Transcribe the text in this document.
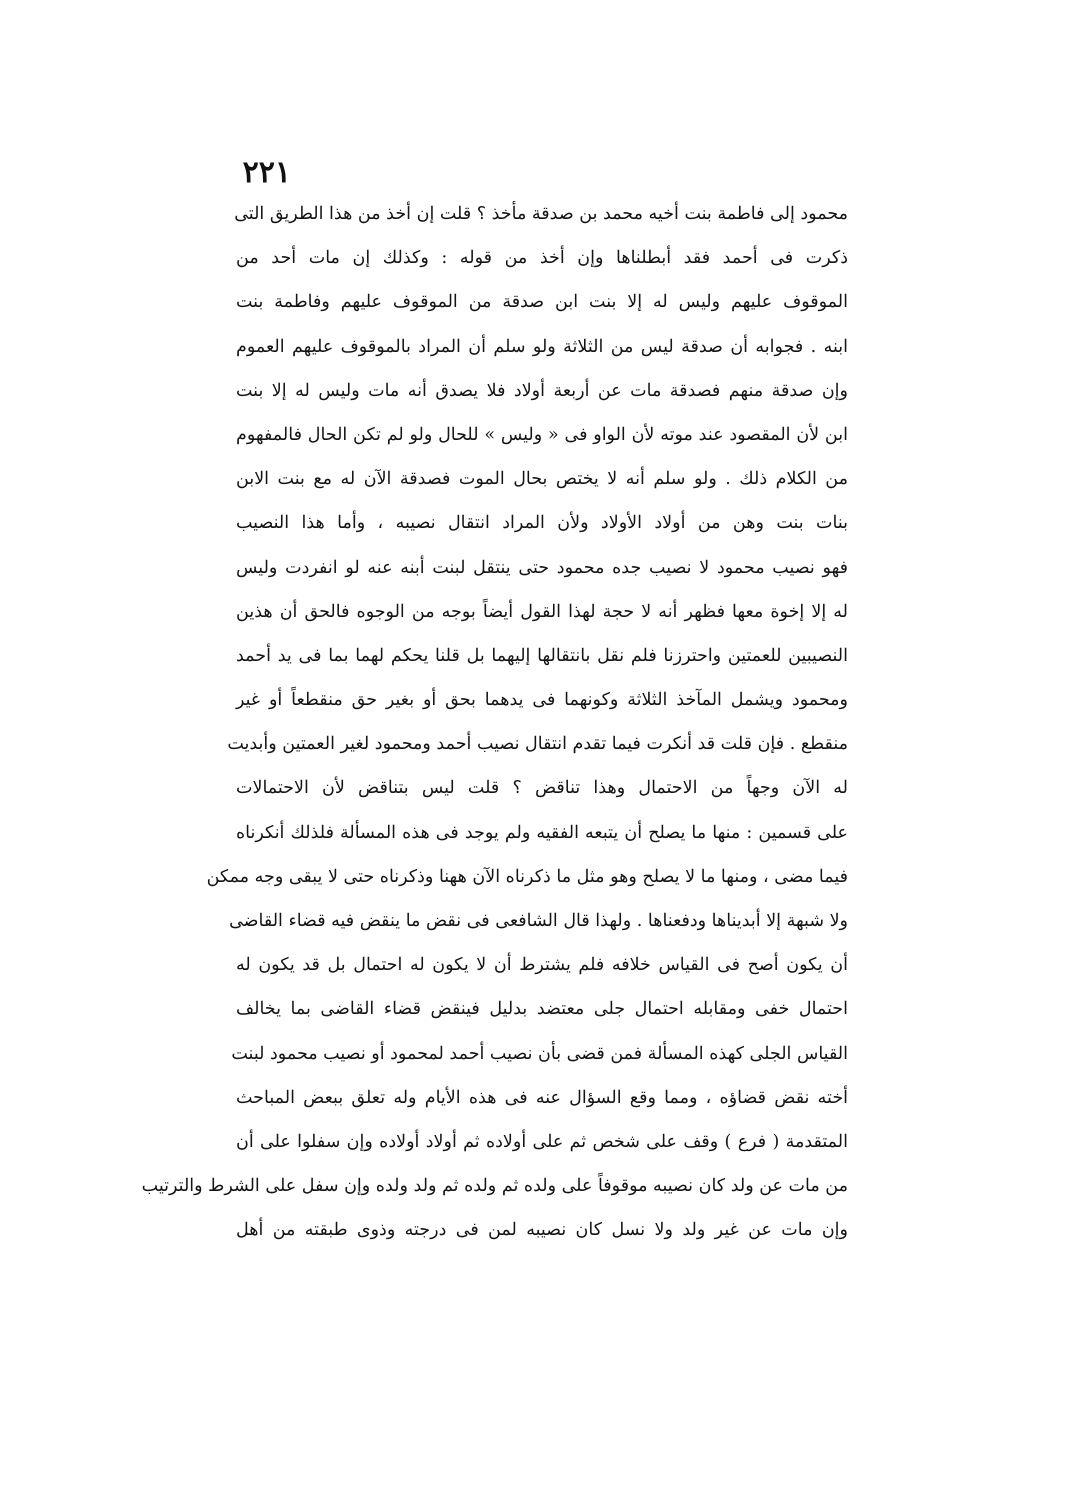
٢٢١
محمود إلى فاطمة بنت أخيه محمد بن صدقة مأخذ ؟ قلت إن أخذ من هذا الطريق التى
ذكرت فى أحمد فقد أبطلناها وإن أخذ من قوله : وكذلك إن مات أحد من
الموقوف عليهم وليس له إلا بنت ابن صدقة من الموقوف عليهم وفاطمة بنت
ابنه . فجوابه أن صدقة ليس من الثلاثة ولو سلم أن المراد بالموقوف عليهم العموم
وإن صدقة منهم فصدقة مات عن أربعة أولاد فلا يصدق أنه مات وليس له إلا بنت
ابن لأن المقصود عند موته لأن الواو فى « وليس » للحال ولو لم تكن الحال فالمفهوم
من الكلام ذلك . ولو سلم أنه لا يختص بحال الموت فصدقة الآن له مع بنت الابن
بنات بنت وهن من أولاد الأولاد ولأن المراد انتقال نصيبه ، وأما هذا النصيب
فهو نصيب محمود لا نصيب جده محمود حتى ينتقل لبنت أبنه عنه لو انفردت وليس
له إلا إخوة معها فظهر أنه لا حجة لهذا القول أيضاً بوجه من الوجوه فالحق أن هذين
النصيبين للعمتين واحترزنا فلم نقل بانتقالها إليهما بل قلنا يحكم لهما بما فى يد أحمد
ومحمود ويشمل المآخذ الثلاثة وكونهما فى يدهما بحق أو بغير حق منقطعاً أو غير
منقطع . فإن قلت قد أنكرت فيما تقدم انتقال نصيب أحمد ومحمود لغير العمتين وأبديت
له الآن وجهاً من الاحتمال وهذا تناقض ؟ قلت ليس بتناقض لأن الاحتمالات
على قسمين : منها ما يصلح أن يتبعه الفقيه ولم يوجد فى هذه المسألة فلذلك أنكرناه
فيما مضى ، ومنها ما لا يصلح وهو مثل ما ذكرناه الآن ههنا وذكرناه حتى لا يبقى وجه ممكن
ولا شبهة إلا أبديناها ودفعناها . ولهذا قال الشافعى فى نقض ما ينقض فيه قضاء القاضى
أن يكون أصح فى القياس خلافه فلم يشترط أن لا يكون له احتمال بل قد يكون له
احتمال خفى ومقابله احتمال جلى معتضد بدليل فينقض قضاء القاضى بما يخالف
القياس الجلى كهذه المسألة فمن قضى بأن نصيب أحمد لمحمود أو نصيب محمود لبنت
أخته نقض قضاؤه ، ومما وقع السؤال عنه فى هذه الأيام وله تعلق ببعض المباحث
المتقدمة ( فرع ) وقف على شخص ثم على أولاده ثم أولاد أولاده وإن سفلوا على أن
من مات عن ولد كان نصيبه موقوفاً على ولده ثم ولده ثم ولد ولده وإن سفل على الشرط والترتيب
وإن مات عن غير ولد ولا نسل كان نصيبه لمن فى درجته وذوى طبقته من أهل
